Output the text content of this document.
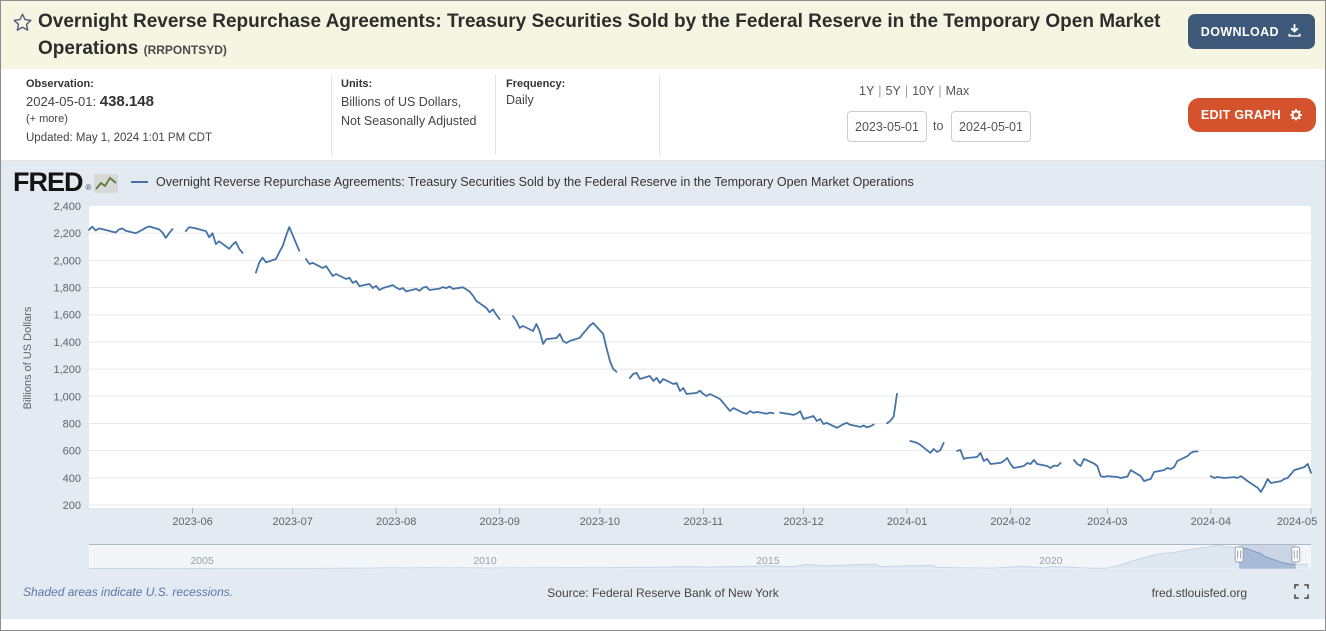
Overnight Reverse Repurchase Agreements: Treasury Securities Sold by the Federal Reserve in the Temporary Open Market Operations (RRPONTSYD)
DOWNLOAD
Observation:
2024-05-01: 438.148
(+ more)
Updated: May 1, 2024 1:01 PM CDT
Units:
Billions of US Dollars,
Not Seasonally Adjusted
Frequency:
Daily
1Y | 5Y | 10Y | Max
2023-05-01
to
2024-05-01
EDIT GRAPH
FRED ®	Overnight Reverse Repurchase Agreements: Treasury Securities Sold by the Federal Reserve in the Temporary Open Market Operations
200
400
600
800
1,000
1,200
1,400
1,600
1,800
2,000
2,200
2,400
Billions of US Dollars
2023-06	2023-07	2023-08	2023-09	2023-10	2023-11	2023-12	2024-01	2024-02	2024-03	2024-04	2024-05
2005	2010	2015	2020
Shaded areas indicate U.S. recessions.	Source: Federal Reserve Bank of New York	fred.stlouisfed.org
